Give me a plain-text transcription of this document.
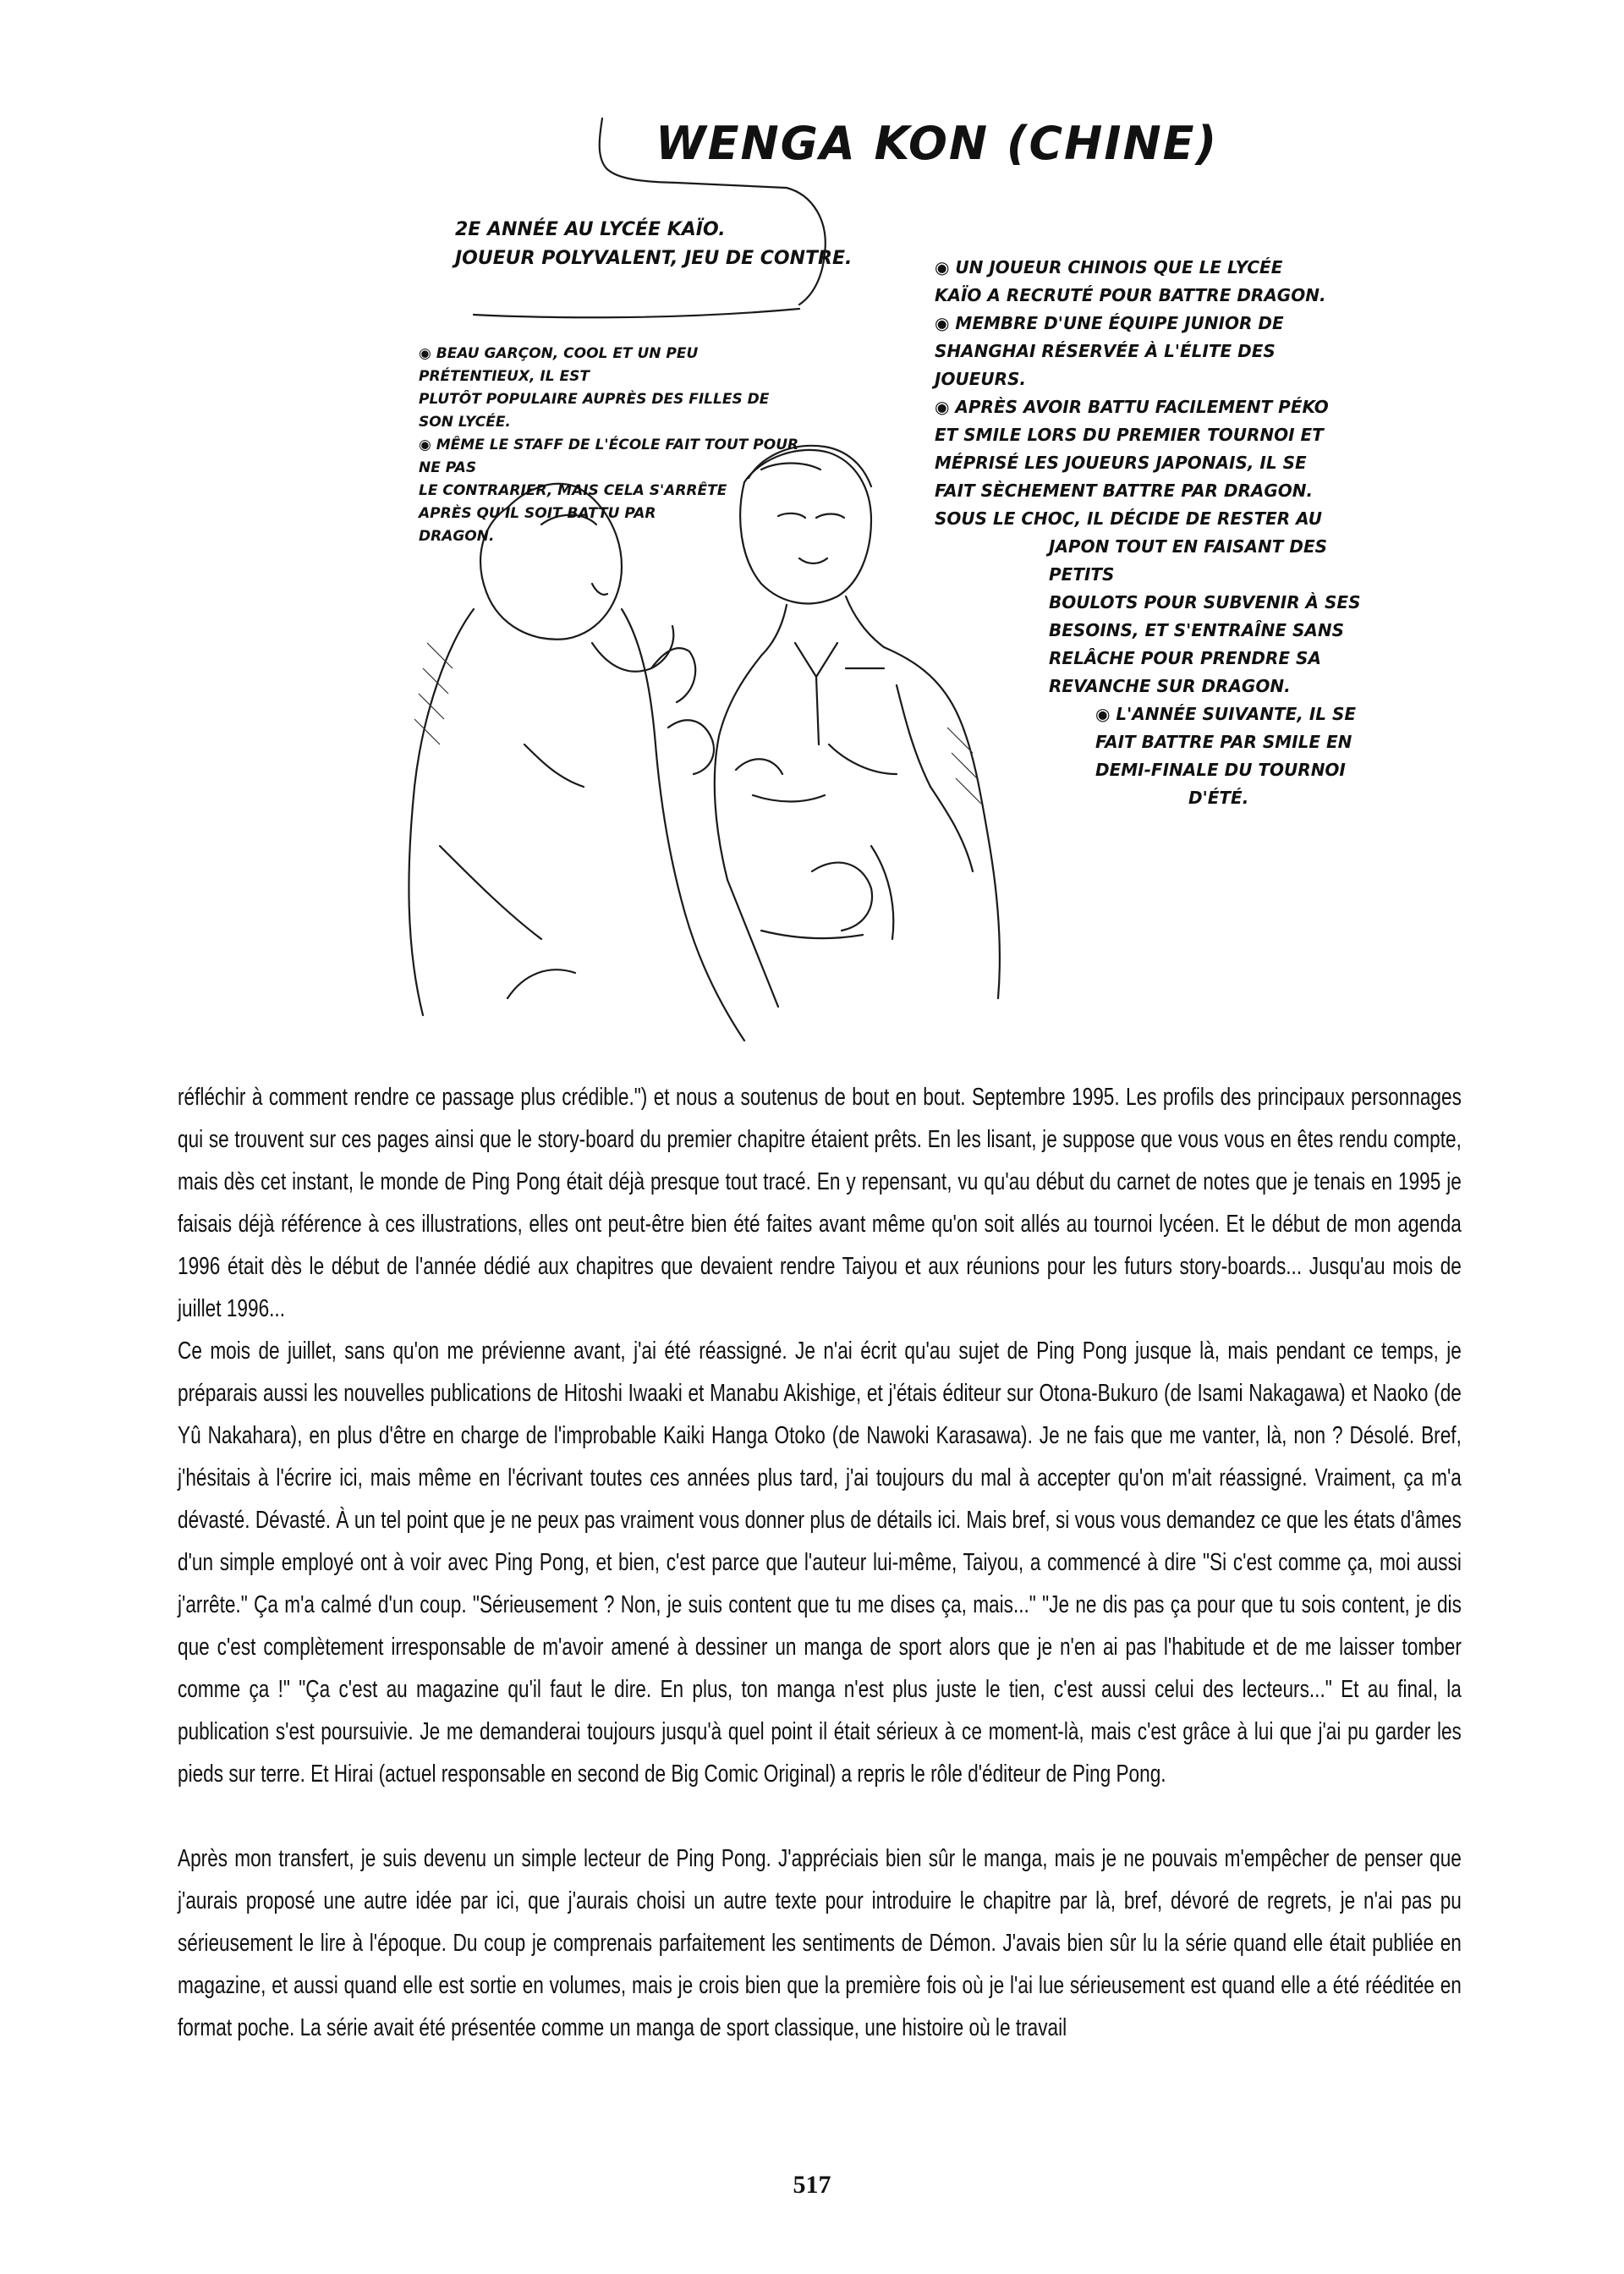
WENGA KON (CHINE)
2E ANNÉE AU LYCÉE KAÏO.
JOUEUR POLYVALENT, JEU DE CONTRE.
◉ BEAU GARÇON, COOL ET UN PEU PRÉTENTIEUX, IL EST
PLUTÔT POPULAIRE AUPRÈS DES FILLES DE SON LYCÉE.
◉ MÊME LE STAFF DE L'ÉCOLE FAIT TOUT POUR NE PAS
LE CONTRARIER, MAIS CELA S'ARRÊTE
APRÈS QU'IL SOIT BATTU PAR
DRAGON.

◉ UN JOUEUR CHINOIS QUE LE LYCÉE

KAÏO A RECRUTÉ POUR BATTRE DRAGON.

◉ MEMBRE D'UNE ÉQUIPE JUNIOR DE

SHANGHAI RÉSERVÉE À L'ÉLITE DES

JOUEURS.

◉ APRÈS AVOIR BATTU FACILEMENT PÉKO

ET SMILE LORS DU PREMIER TOURNOI ET

MÉPRISÉ LES JOUEURS JAPONAIS, IL SE

FAIT SÈCHEMENT BATTRE PAR DRAGON.

SOUS LE CHOC, IL DÉCIDE DE RESTER AU

JAPON TOUT EN FAISANT DES PETITS

BOULOTS POUR SUBVENIR À SES

BESOINS, ET S'ENTRAÎNE SANS

RELÂCHE POUR PRENDRE SA

REVANCHE SUR DRAGON.

◉ L'ANNÉE SUIVANTE, IL SE

FAIT BATTRE PAR SMILE EN

DEMI-FINALE DU TOURNOI

D'ÉTÉ.

réfléchir à comment rendre ce passage plus crédible.") et nous a soutenus de bout en bout. Septembre 1995. Les profils des principaux personnages qui se trouvent sur ces pages ainsi que le story-board du premier chapitre étaient prêts. En les lisant, je suppose que vous vous en êtes rendu compte, mais dès cet instant, le monde de Ping Pong était déjà presque tout tracé. En y repensant, vu qu'au début du carnet de notes que je tenais en 1995 je faisais déjà référence à ces illustrations, elles ont peut-être bien été faites avant même qu'on soit allés au tournoi lycéen. Et le début de mon agenda 1996 était dès le début de l'année dédié aux chapitres que devaient rendre Taiyou et aux réunions pour les futurs story-boards... Jusqu'au mois de juillet 1996...

Ce mois de juillet, sans qu'on me prévienne avant, j'ai été réassigné. Je n'ai écrit qu'au sujet de Ping Pong jusque là, mais pendant ce temps, je préparais aussi les nouvelles publications de Hitoshi Iwaaki et Manabu Akishige, et j'étais éditeur sur Otona-Bukuro (de Isami Nakagawa) et Naoko (de Yû Nakahara), en plus d'être en charge de l'improbable Kaiki Hanga Otoko (de Nawoki Karasawa). Je ne fais que me vanter, là, non ? Désolé. Bref, j'hésitais à l'écrire ici, mais même en l'écrivant toutes ces années plus tard, j'ai toujours du mal à accepter qu'on m'ait réassigné. Vraiment, ça m'a dévasté. Dévasté. À un tel point que je ne peux pas vraiment vous donner plus de détails ici. Mais bref, si vous vous demandez ce que les états d'âmes d'un simple employé ont à voir avec Ping Pong, et bien, c'est parce que l'auteur lui-même, Taiyou, a commencé à dire "Si c'est comme ça, moi aussi j'arrête." Ça m'a calmé d'un coup. "Sérieusement ? Non, je suis content que tu me dises ça, mais..." "Je ne dis pas ça pour que tu sois content, je dis que c'est complètement irresponsable de m'avoir amené à dessiner un manga de sport alors que je n'en ai pas l'habitude et de me laisser tomber comme ça !" "Ça c'est au magazine qu'il faut le dire. En plus, ton manga n'est plus juste le tien, c'est aussi celui des lecteurs..." Et au final, la publication s'est poursuivie. Je me demanderai toujours jusqu'à quel point il était sérieux à ce moment-là, mais c'est grâce à lui que j'ai pu garder les pieds sur terre. Et Hirai (actuel responsable en second de Big Comic Original) a repris le rôle d'éditeur de Ping Pong.

Après mon transfert, je suis devenu un simple lecteur de Ping Pong. J'appréciais bien sûr le manga, mais je ne pouvais m'empêcher de penser que j'aurais proposé une autre idée par ici, que j'aurais choisi un autre texte pour introduire le chapitre par là, bref, dévoré de regrets, je n'ai pas pu sérieusement le lire à l'époque. Du coup je comprenais parfaitement les sentiments de Démon. J'avais bien sûr lu la série quand elle était publiée en magazine, et aussi quand elle est sortie en volumes, mais je crois bien que la première fois où je l'ai lue sérieusement est quand elle a été rééditée en format poche. La série avait été présentée comme un manga de sport classique, une histoire où le travail

517
